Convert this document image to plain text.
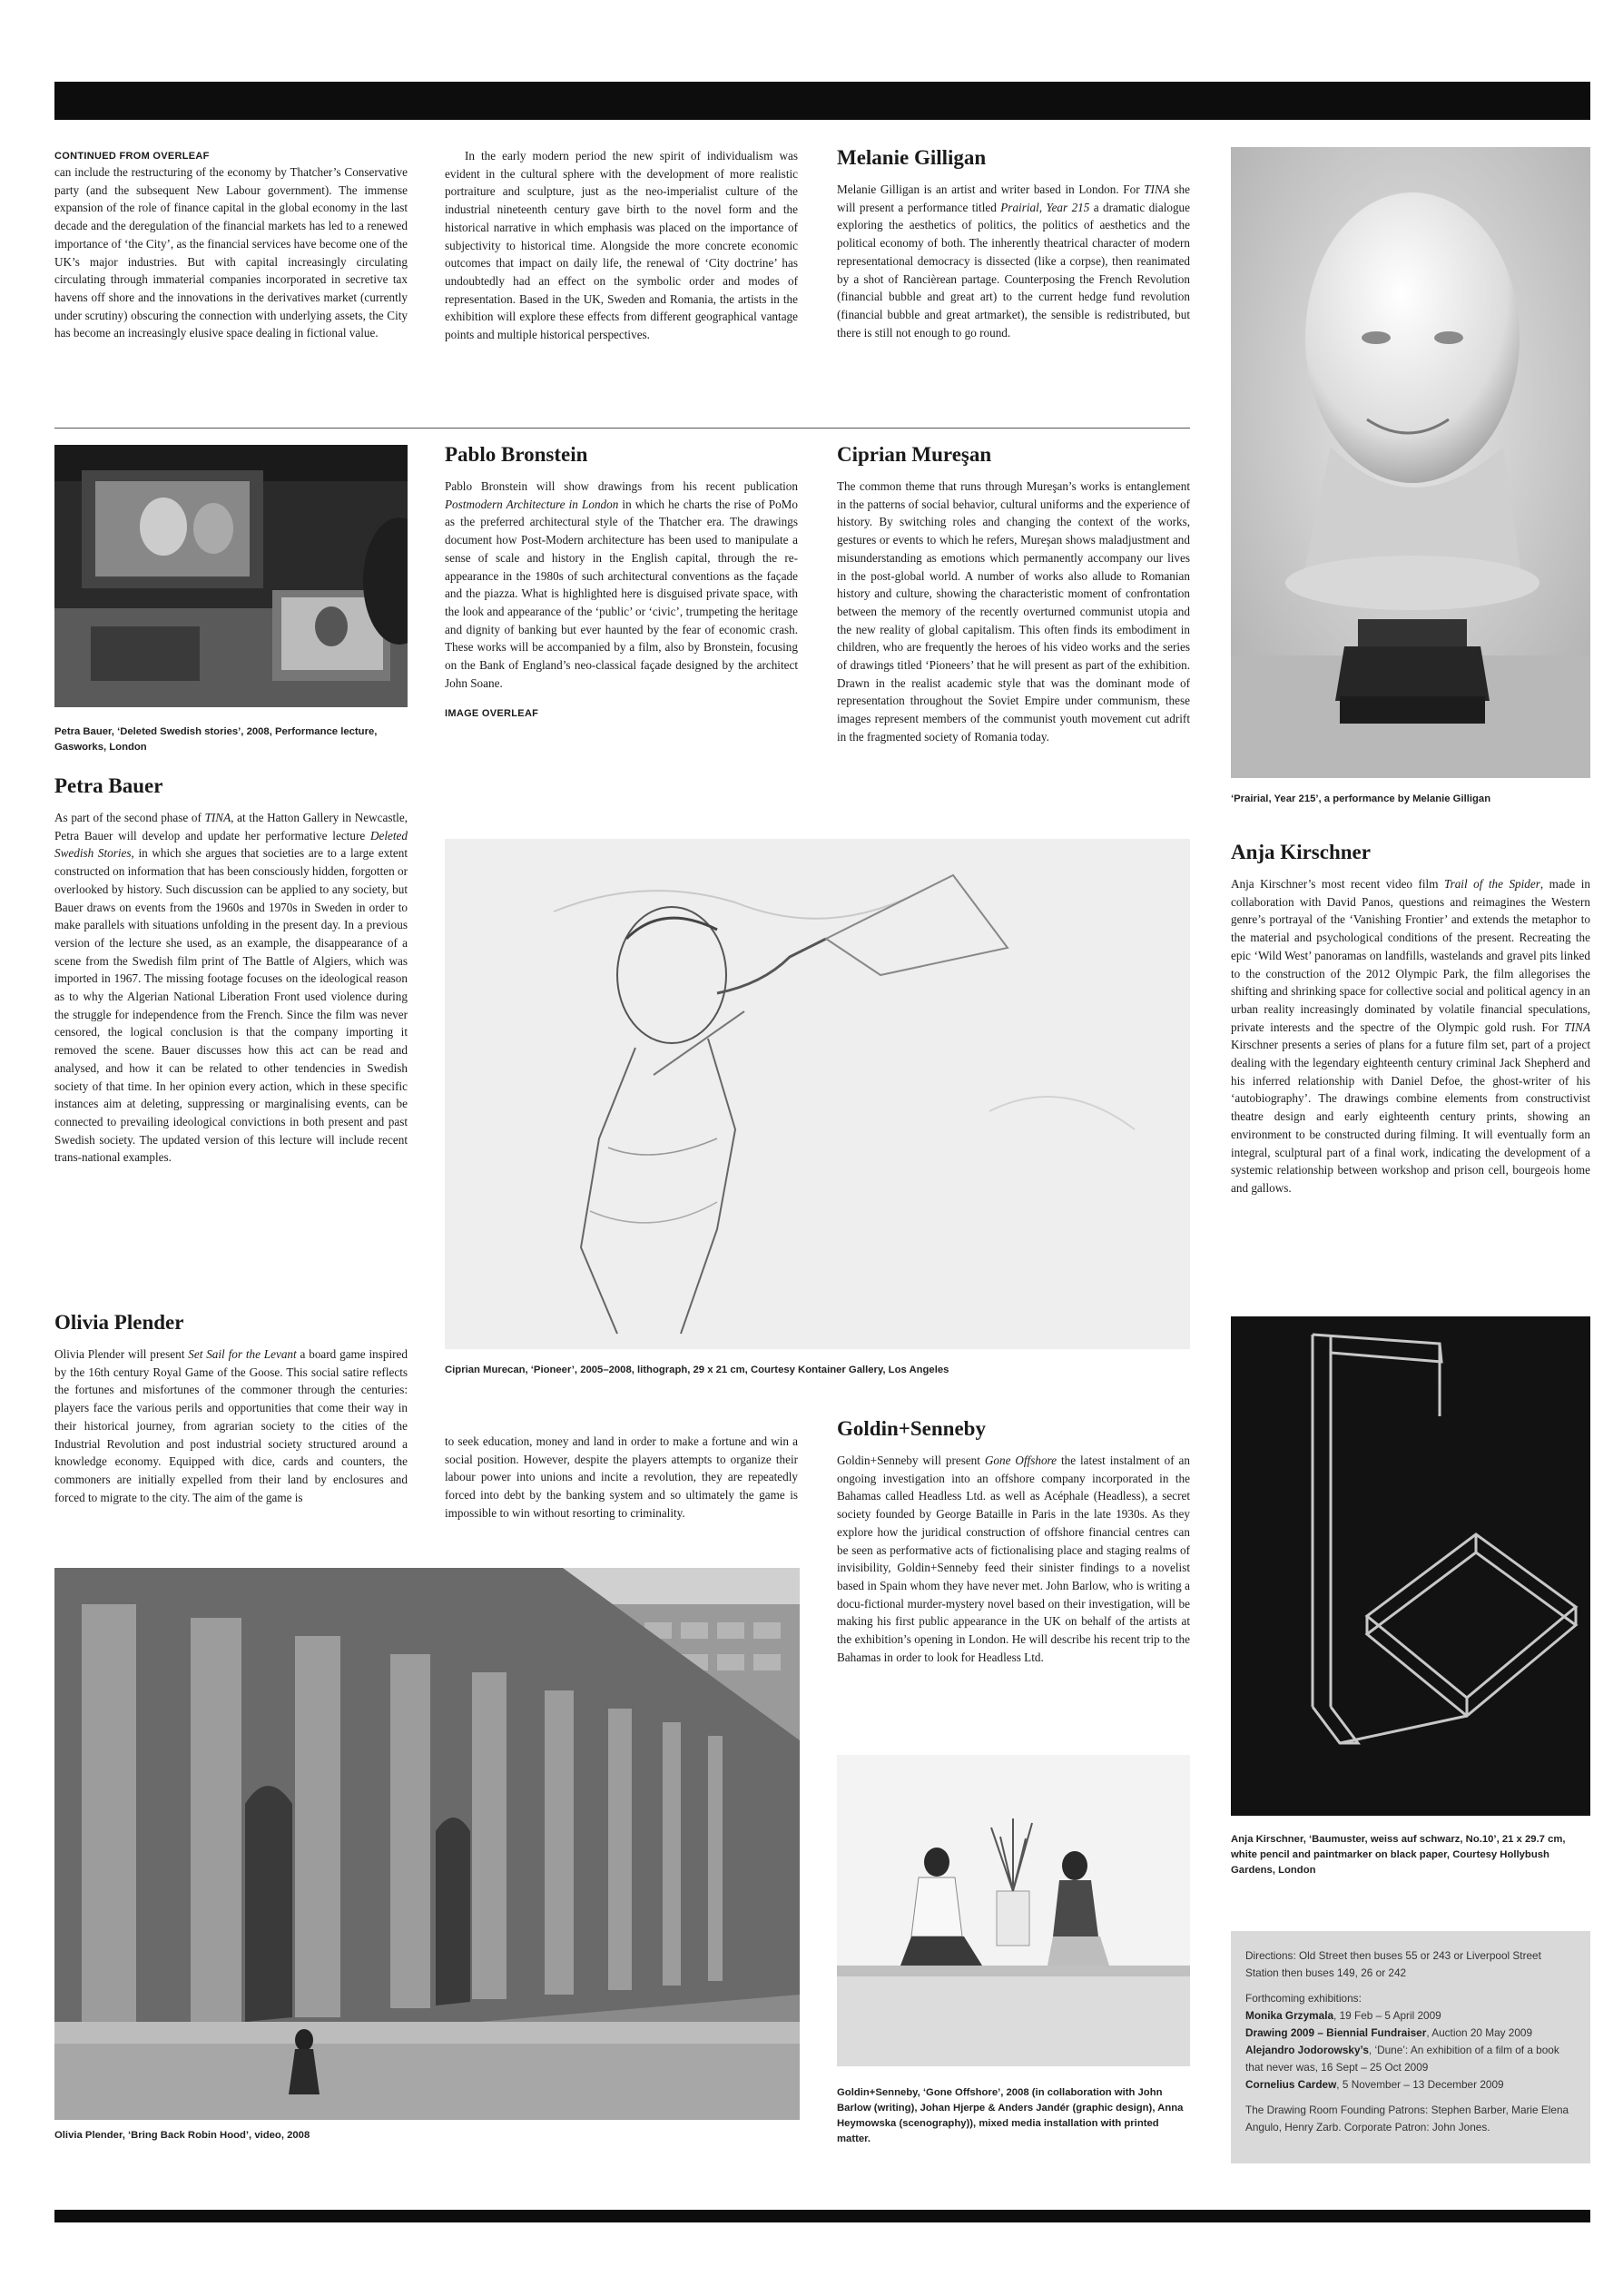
CONTINUED FROM OVERLEAF

can include the restructuring of the economy by Thatcher’s Conservative party (and the subsequent New Labour government). The immense expansion of the role of finance capital in the global economy in the last decade and the deregulation of the financial markets has led to a renewed importance of ‘the City’, as the financial services have become one of the UK’s major industries. But with capital increasingly circulating circulating through immaterial companies incorporated in secretive tax havens off shore and the innovations in the derivatives market (currently under scrutiny) obscuring the connection with underlying assets, the City has become an increasingly elusive space dealing in fictional value.

In the early modern period the new spirit of individualism was evident in the cultural sphere with the development of more realistic portraiture and sculpture, just as the neo-imperialist culture of the industrial nineteenth century gave birth to the novel form and the historical narrative in which emphasis was placed on the importance of subjectivity to historical time. Alongside the more concrete economic outcomes that impact on daily life, the renewal of ‘City doctrine’ has undoubtedly had an effect on the symbolic order and modes of representation. Based in the UK, Sweden and Romania, the artists in the exhibition will explore these effects from different geographical vantage points and multiple historical perspectives.

Melanie Gilligan

Melanie Gilligan is an artist and writer based in London. For TINA she will present a performance titled Prairial, Year 215 a dramatic dialogue exploring the aesthetics of politics, the politics of aesthetics and the political economy of both. The inherently theatrical character of modern representational democracy is dissected (like a corpse), then reanimated by a shot of Rancièrean partage. Counterposing the French Revolution (financial bubble and great art) to the current hedge fund revolution (financial bubble and great artmarket), the sensible is redistributed, but there is still not enough to go round.

‘Prairial, Year 215’, a performance by Melanie Gilligan
Petra Bauer, ‘Deleted Swedish stories’, 2008, Performance lecture, Gasworks, London
Petra Bauer

As part of the second phase of TINA, at the Hatton Gallery in Newcastle, Petra Bauer will develop and update her performative lecture Deleted Swedish Stories, in which she argues that societies are to a large extent constructed on information that has been consciously hidden, forgotten or overlooked by history. Such discussion can be applied to any society, but Bauer draws on events from the 1960s and 1970s in Sweden in order to make parallels with situations unfolding in the present day. In a previous version of the lecture she used, as an example, the disappearance of a scene from the Swedish film print of The Battle of Algiers, which was imported in 1967. The missing footage focuses on the ideological reason as to why the Algerian National Liberation Front used violence during the struggle for independence from the French. Since the film was never censored, the logical conclusion is that the company importing it removed the scene. Bauer discusses how this act can be read and analysed, and how it can be related to other tendencies in Swedish society of that time. In her opinion every action, which in these specific instances aim at deleting, suppressing or marginalising events, can be connected to prevailing ideological convictions in both present and past Swedish society. The updated version of this lecture will include recent trans-national examples.

Pablo Bronstein

Pablo Bronstein will show drawings from his recent publication Postmodern Architecture in London in which he charts the rise of PoMo as the preferred architectural style of the Thatcher era. The drawings document how Post-Modern architecture has been used to manipulate a sense of scale and history in the English capital, through the re-appearance in the 1980s of such architectural conventions as the façade and the piazza. What is highlighted here is disguised private space, with the look and appearance of the ‘public’ or ‘civic’, trumpeting the heritage and dignity of banking but ever haunted by the fear of economic crash. These works will be accompanied by a film, also by Bronstein, focusing on the Bank of England’s neo-classical façade designed by the architect John Soane.

IMAGE OVERLEAF
Ciprian Mureşan

The common theme that runs through Mureşan’s works is entanglement in the patterns of social behavior, cultural uniforms and the experience of history. By switching roles and changing the context of the works, gestures or events to which he refers, Mureşan shows maladjustment and misunderstanding as emotions which permanently accompany our lives in the post-global world. A number of works also allude to Romanian history and culture, showing the characteristic moment of confrontation between the memory of the recently overturned communist utopia and the new reality of global capitalism. This often finds its embodiment in children, who are frequently the heroes of his video works and the series of drawings titled ‘Pioneers’ that he will present as part of the exhibition. Drawn in the realist academic style that was the dominant mode of representation throughout the Soviet Empire under communism, these images represent members of the communist youth movement cut adrift in the fragmented society of Romania today.

Ciprian Murecan, ‘Pioneer’, 2005–2008, lithograph, 29 x 21 cm, Courtesy Kontainer Gallery, Los Angeles
Anja Kirschner

Anja Kirschner’s most recent video film Trail of the Spider, made in collaboration with David Panos, questions and reimagines the Western genre’s portrayal of the ‘Vanishing Frontier’ and extends the metaphor to the material and psychological conditions of the present. Recreating the epic ‘Wild West’ panoramas on landfills, wastelands and gravel pits linked to the construction of the 2012 Olympic Park, the film allegorises the shifting and shrinking space for collective social and political agency in an urban reality increasingly dominated by volatile financial speculations, private interests and the spectre of the Olympic gold rush. For TINA Kirschner presents a series of plans for a future film set, part of a project dealing with the legendary eighteenth century criminal Jack Shepherd and his inferred relationship with Daniel Defoe, the ghost-writer of his ‘autobiography’. The drawings combine elements from constructivist theatre design and early eighteenth century prints, showing an environment to be constructed during filming. It will eventually form an integral, sculptural part of a final work, indicating the development of a systemic relationship between workshop and prison cell, bourgeois home and gallows.

Anja Kirschner, ‘Baumuster, weiss auf schwarz, No.10’, 21 x 29.7 cm, white pencil and paintmarker on black paper, Courtesy Hollybush Gardens, London
Olivia Plender

Olivia Plender will present Set Sail for the Levant a board game inspired by the 16th century Royal Game of the Goose. This social satire reflects the fortunes and misfortunes of the commoner through the centuries: players face the various perils and opportunities that come their way in their historical journey, from agrarian society to the cities of the Industrial Revolution and post industrial society structured around a knowledge economy. Equipped with dice, cards and counters, the commoners are initially expelled from their land by enclosures and forced to migrate to the city. The aim of the game is

to seek education, money and land in order to make a fortune and win a social position. However, despite the players attempts to organize their labour power into unions and incite a revolution, they are repeatedly forced into debt by the banking system and so ultimately the game is impossible to win without resorting to criminality.

Olivia Plender, ‘Bring Back Robin Hood’, video, 2008
Goldin+Senneby

Goldin+Senneby will present Gone Offshore the latest instalment of an ongoing investigation into an offshore company incorporated in the Bahamas called Headless Ltd. as well as Acéphale (Headless), a secret society founded by George Bataille in Paris in the late 1930s. As they explore how the juridical construction of offshore financial centres can be seen as performative acts of fictionalising place and staging realms of invisibility, Goldin+Senneby feed their sinister findings to a novelist based in Spain whom they have never met. John Barlow, who is writing a docu-fictional murder-mystery novel based on their investigation, will be making his first public appearance in the UK on behalf of the artists at the exhibition’s opening in London. He will describe his recent trip to the Bahamas in order to look for Headless Ltd.

Goldin+Senneby, ‘Gone Offshore’, 2008 (in collaboration with John Barlow (writing), Johan Hjerpe & Anders Jandér (graphic design), Anna Heymowska (scenography)), mixed media installation with printed matter.

Directions: Old Street then buses 55 or 243 or Liverpool Street Station then buses 149, 26 or 242

Forthcoming exhibitions:

Monika Grzymala, 19 Feb – 5 April 2009

Drawing 2009 – Biennial Fundraiser, Auction 20 May 2009

Alejandro Jodorowsky’s, ‘Dune’: An exhibition of a film of a book that never was, 16 Sept – 25 Oct 2009

Cornelius Cardew, 5 November – 13 December 2009

The Drawing Room Founding Patrons: Stephen Barber, Marie Elena Angulo, Henry Zarb. Corporate Patron: John Jones.
